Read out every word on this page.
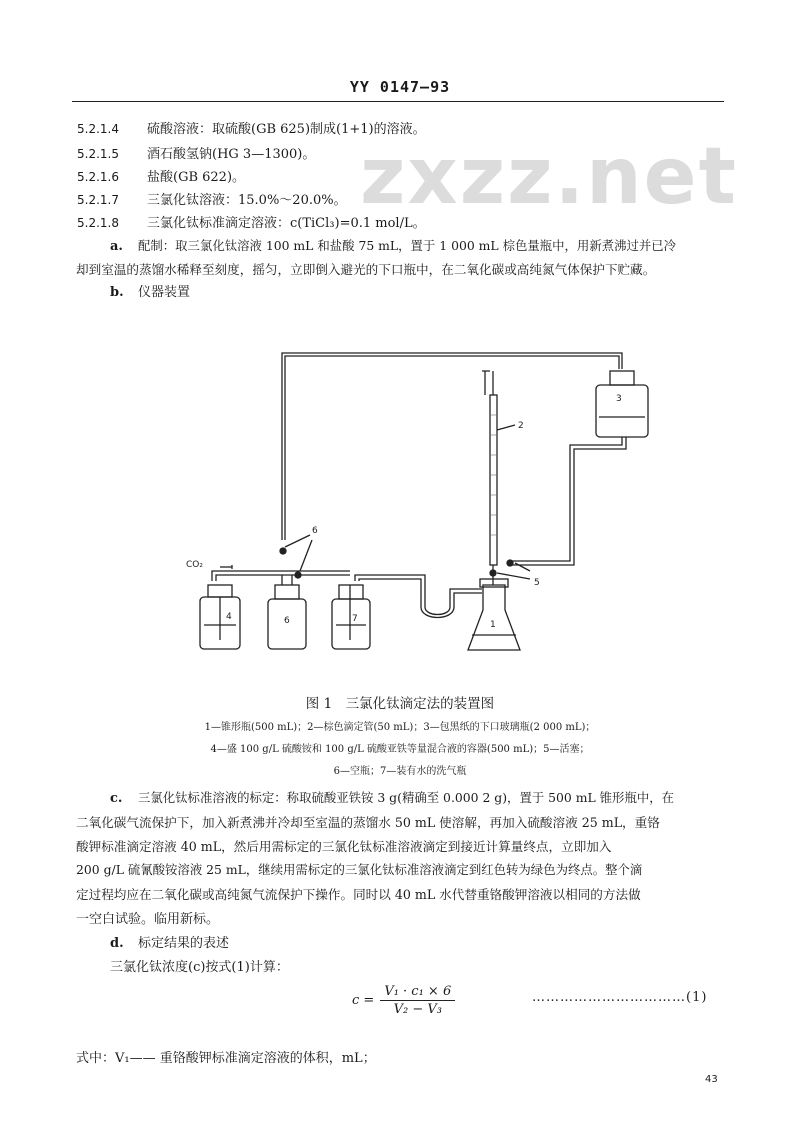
YY 0147—93
zxzz.net
5.2.1.4 硫酸溶液：取硫酸(GB 625)制成(1+1)的溶液。
5.2.1.5 酒石酸氢钠(HG 3—1300)。
5.2.1.6 盐酸(GB 622)。
5.2.1.7 三氯化钛溶液：15.0%～20.0%。
5.2.1.8 三氯化钛标准滴定溶液：c(TiCl₃)=0.1 mol/L。
a. 配制：取三氯化钛溶液 100 mL 和盐酸 75 mL，置于 1 000 mL 棕色量瓶中，用新煮沸过并已冷
却到室温的蒸馏水稀释至刻度，摇匀，立即倒入避光的下口瓶中，在二氧化碳或高纯氮气体保护下贮藏。
b. 仪器装置
CO₂
1
2
3
4
5
6
6	7
图 1　三氯化钛滴定法的装置图
1—锥形瓶(500 mL)；2—棕色滴定管(50 mL)；3—包黑纸的下口玻璃瓶(2 000 mL)；
4—盛 100 g/L 硫酸铵和 100 g/L 硫酸亚铁等量混合液的容器(500 mL)；5—活塞；
6—空瓶；7—装有水的洗气瓶
c. 三氯化钛标准溶液的标定：称取硫酸亚铁铵 3 g(精确至 0.000 2 g)，置于 500 mL 锥形瓶中，在
二氧化碳气流保护下，加入新煮沸并冷却至室温的蒸馏水 50 mL 使溶解，再加入硫酸溶液 25 mL，重铬
酸钾标准滴定溶液 40 mL，然后用需标定的三氯化钛标准溶液滴定到接近计算量终点，立即加入
200 g/L 硫氰酸铵溶液 25 mL，继续用需标定的三氯化钛标准溶液滴定到红色转为绿色为终点。整个滴
定过程均应在二氧化碳或高纯氮气流保护下操作。同时以 40 mL 水代替重铬酸钾溶液以相同的方法做
一空白试验。临用新标。
d. 标定结果的表述
三氯化钛浓度(c)按式(1)计算：
$c = \frac{\text{V₁ · c₁ × 6}}{\text{V₂ − V₃}}$	……………………………(1)
式中：V₁—— 重铬酸钾标准滴定溶液的体积，mL；
43
